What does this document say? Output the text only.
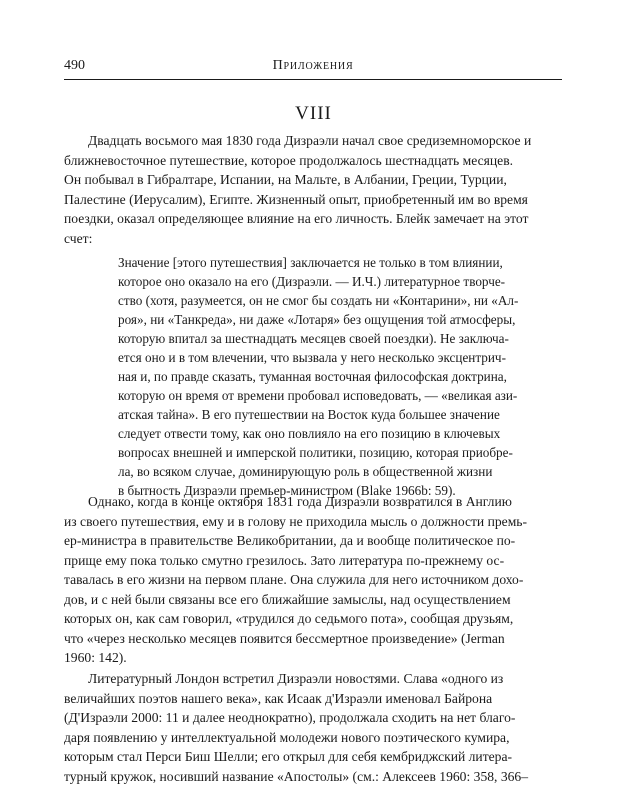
490	Приложения
VIII

Двадцать восьмого мая 1830 года Дизраэли начал свое средиземноморское и
ближневосточное путешествие, которое продолжалось шестнадцать месяцев.
Он побывал в Гибралтаре, Испании, на Мальте, в Албании, Греции, Турции,
Палестине (Иерусалим), Египте. Жизненный опыт, приобретенный им во время
поездки, оказал определяющее влияние на его личность. Блейк замечает на этот
счет:

Значение [этого путешествия] заключается не только в том влиянии,
которое оно оказало на его (Дизраэли. — И.Ч.) литературное творче-
ство (хотя, разумеется, он не смог бы создать ни «Контарини», ни «Ал-
роя», ни «Танкреда», ни даже «Лотаря» без ощущения той атмосферы,
которую впитал за шестнадцать месяцев своей поездки). Не заключа-
ется оно и в том влечении, что вызвала у него несколько эксцентрич-
ная и, по правде сказать, туманная восточная философская доктрина,
которую он время от времени пробовал исповедовать, — «великая ази-
атская тайна». В его путешествии на Восток куда большее значение
следует отвести тому, как оно повлияло на его позицию в ключевых
вопросах внешней и имперской политики, позицию, которая приобре-
ла, во всяком случае, доминирующую роль в общественной жизни
в бытность Дизраэли премьер-министром (Blake 1966b: 59).

Однако, когда в конце октября 1831 года Дизраэли возвратился в Англию
из своего путешествия, ему и в голову не приходила мысль о должности премь-
ер-министра в правительстве Великобритании, да и вообще политическое по-
прище ему пока только смутно грезилось. Зато литература по-прежнему ос-
тавалась в его жизни на первом плане. Она служила для него источником дохо-
дов, и с ней были связаны все его ближайшие замыслы, над осуществлением
которых он, как сам говорил, «трудился до седьмого пота», сообщая друзьям,
что «через несколько месяцев появится бессмертное произведение» (Jerman
1960: 142).

Литературный Лондон встретил Дизраэли новостями. Слава «одного из
величайших поэтов нашего века», как Исаак д'Израэли именовал Байрона
(Д'Израэли 2000: 11 и далее неоднократно), продолжала сходить на нет благо-
даря появлению у интеллектуальной молодежи нового поэтического кумира,
которым стал Перси Биш Шелли; его открыл для себя кембриджский литера-
турный кружок, носивший название «Апостолы» (см.: Алексеев 1960: 358, 366–
